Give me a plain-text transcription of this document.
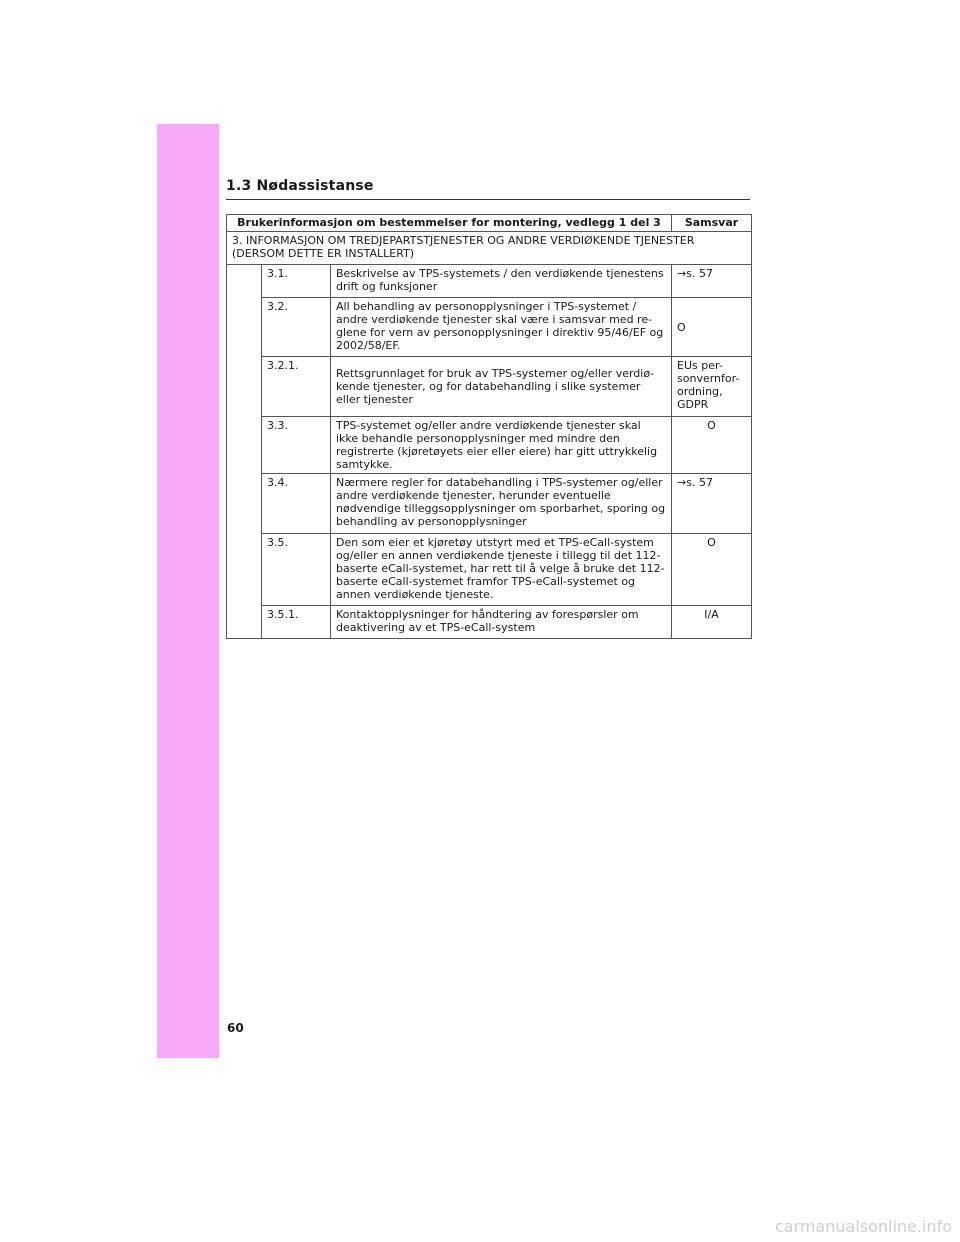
1.3 Nødassistanse
Brukerinformasjon om bestemmelser for montering, vedlegg 1 del 3			Samsvar
3. INFORMASJON OM TREDJEPARTSTJENESTER OG ANDRE VERDIØKENDE TJENESTER (DERSOM DETTE ER INSTALLERT)			
	3.1.	Beskrivelse av TPS-systemets / den verdiøkende tjenestens drift og funksjoner	→s. 57
	3.2.	All behandling av personopplysninger i TPS-systemet / andre verdiøkende tjenester skal være i samsvar med re-glene for vern av personopplysninger i direktiv 95/46/EF og 2002/58/EF.	O
	3.2.1.	Rettsgrunnlaget for bruk av TPS-systemer og/eller verdiø-kende tjenester, og for databehandling i slike systemer eller tjenester	EUs per-sonvernfor-ordning, GDPR
	3.3.	TPS-systemet og/eller andre verdiøkende tjenester skal ikke behandle personopplysninger med mindre den registrerte (kjøretøyets eier eller eiere) har gitt uttrykkelig samtykke.	O
	3.4.	Nærmere regler for databehandling i TPS-systemer og/eller andre verdiøkende tjenester, herunder eventuelle nødvendige tilleggsopplysninger om sporbarhet, sporing og behandling av personopplysninger	→s. 57
	3.5.	Den som eier et kjøretøy utstyrt med et TPS-eCall-system og/eller en annen verdiøkende tjeneste i tillegg til det 112-baserte eCall-systemet, har rett til å velge å bruke det 112-baserte eCall-systemet framfor TPS-eCall-systemet og annen verdiøkende tjeneste.	O
	3.5.1.	Kontaktopplysninger for håndtering av forespørsler om deaktivering av et TPS-eCall-system	I/A
60
carmanualsonline.info
